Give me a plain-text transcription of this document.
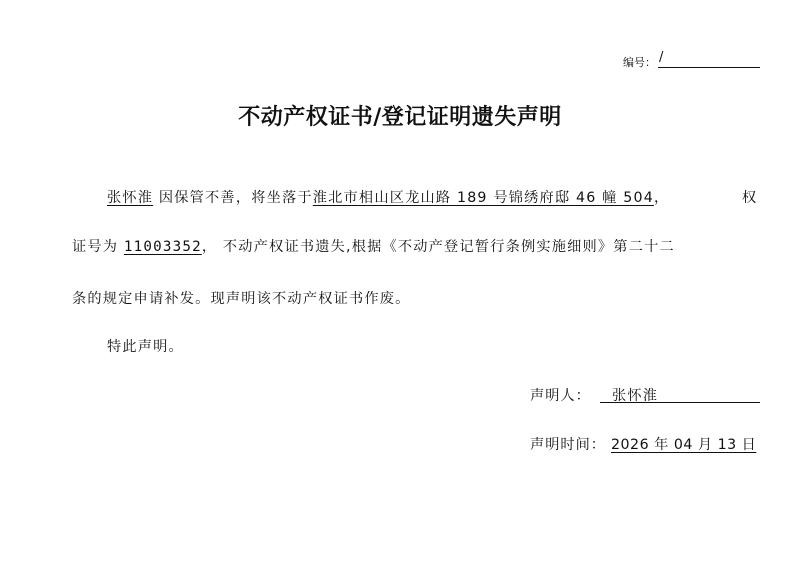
编号： /
不动产权证书/登记证明遗失声明
张怀淮 因保管不善，将坐落于淮北市相山区龙山路 189 号锦绣府邸 46 幢 504，	权
证号为 11003352， 不动产权证书遗失,根据《不动产登记暂行条例实施细则》第二十二
条的规定申请补发。现声明该不动产权证书作废。
特此声明。
声明人： 张怀淮
声明时间： 2026 年 04 月 13 日
